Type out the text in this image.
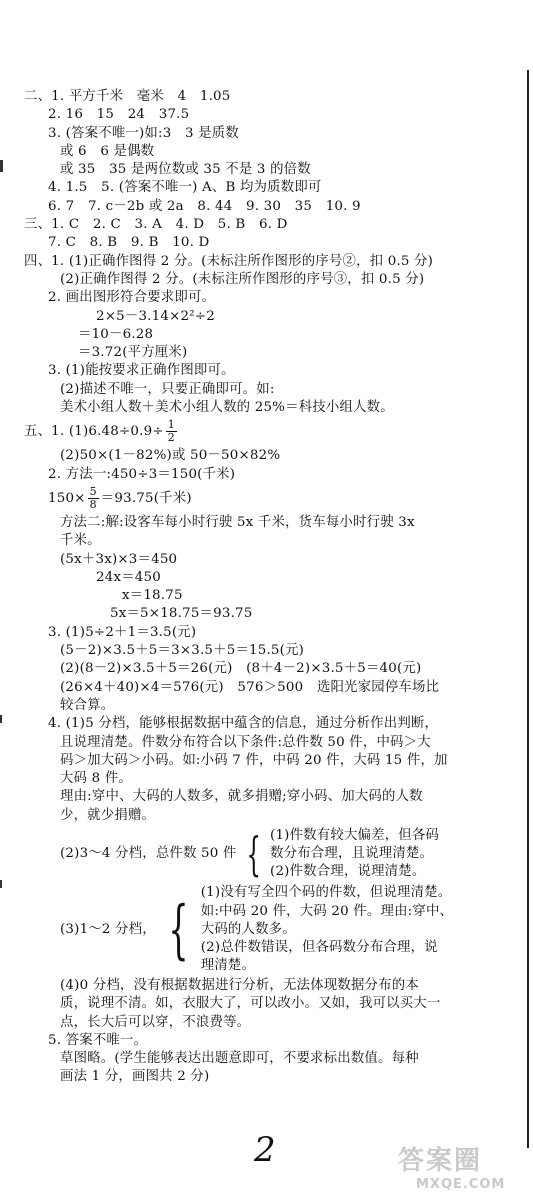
二、1. 平方千米　毫米　4　1.05
2. 16　15　24　37.5
3. (答案不唯一)如:3　3 是质数
或 6　6 是偶数
或 35　35 是两位数或 35 不是 3 的倍数
4. 1.5　5. (答案不唯一) A、B 均为质数即可
6. 7　7. c－2b 或 2a　8. 44　9. 30　35　10. 9
三、1. C　2. C　3. A　4. D　5. B　6. D
7. C　8. B　9. B　10. D
四、1. (1)正确作图得 2 分。(未标注所作图形的序号②，扣 0.5 分)
(2)正确作图得 2 分。(未标注所作图形的序号③，扣 0.5 分)
2. 画出图形符合要求即可。
2×5－3.14×2²÷2
＝10－6.28
＝3.72(平方厘米)
3. (1)能按要求正确作图即可。
(2)描述不唯一，只要正确即可。如:
美术小组人数＋美术小组人数的 25%＝科技小组人数。
五、1. $(1)6.48\div 0.9\div \frac{1}{2}$
(2)50×(1－82%)或 50－50×82%
2. 方法一:450÷3＝150(千米)
$150\times \frac{5}{8} =93.75$(千米)
方法二:解:设客车每小时行驶 5x 千米，货车每小时行驶 3x
千米。
(5x＋3x)×3＝450
24x＝450
x＝18.75
5x＝5×18.75＝93.75
3. (1)5÷2＋1＝3.5(元)
(5－2)×3.5＋5＝3×3.5＋5＝15.5(元)
(2)(8－2)×3.5＋5＝26(元)　(8＋4－2)×3.5＋5＝40(元)
(26×4＋40)×4＝576(元)　576＞500　选阳光家园停车场比
较合算。
4. (1)5 分档，能够根据数据中蕴含的信息，通过分析作出判断，
且说理清楚。件数分布符合以下条件:总件数 50 件，中码＞大
码＞加大码＞小码。如:小码 7 件，中码 20 件，大码 15 件，加
大码 8 件。
理由:穿中、大码的人数多，就多捐赠;穿小码、加大码的人数
少，就少捐赠。
(2)3～4 分档，总件数 50 件 { (1)件数有较大偏差，但各码
数分布合理，且说理清楚。
(2)件数合理，说理清楚。
(3)1～2 分档， {
(1)没有写全四个码的件数，但说理清楚。
如:中码 20 件，大码 20 件。理由:穿中、
大码的人数多。
(2)总件数错误，但各码数分布合理，说
理清楚。
(4)0 分档，没有根据数据进行分析，无法体现数据分布的本
质，说理不清。如，衣服大了，可以改小。又如，我可以买大一
点，长大后可以穿，不浪费等。
5. 答案不唯一。
草图略。(学生能够表达出题意即可，不要求标出数值。每种
画法 1 分，画图共 2 分)
2	答案圈
MXQE.COM
